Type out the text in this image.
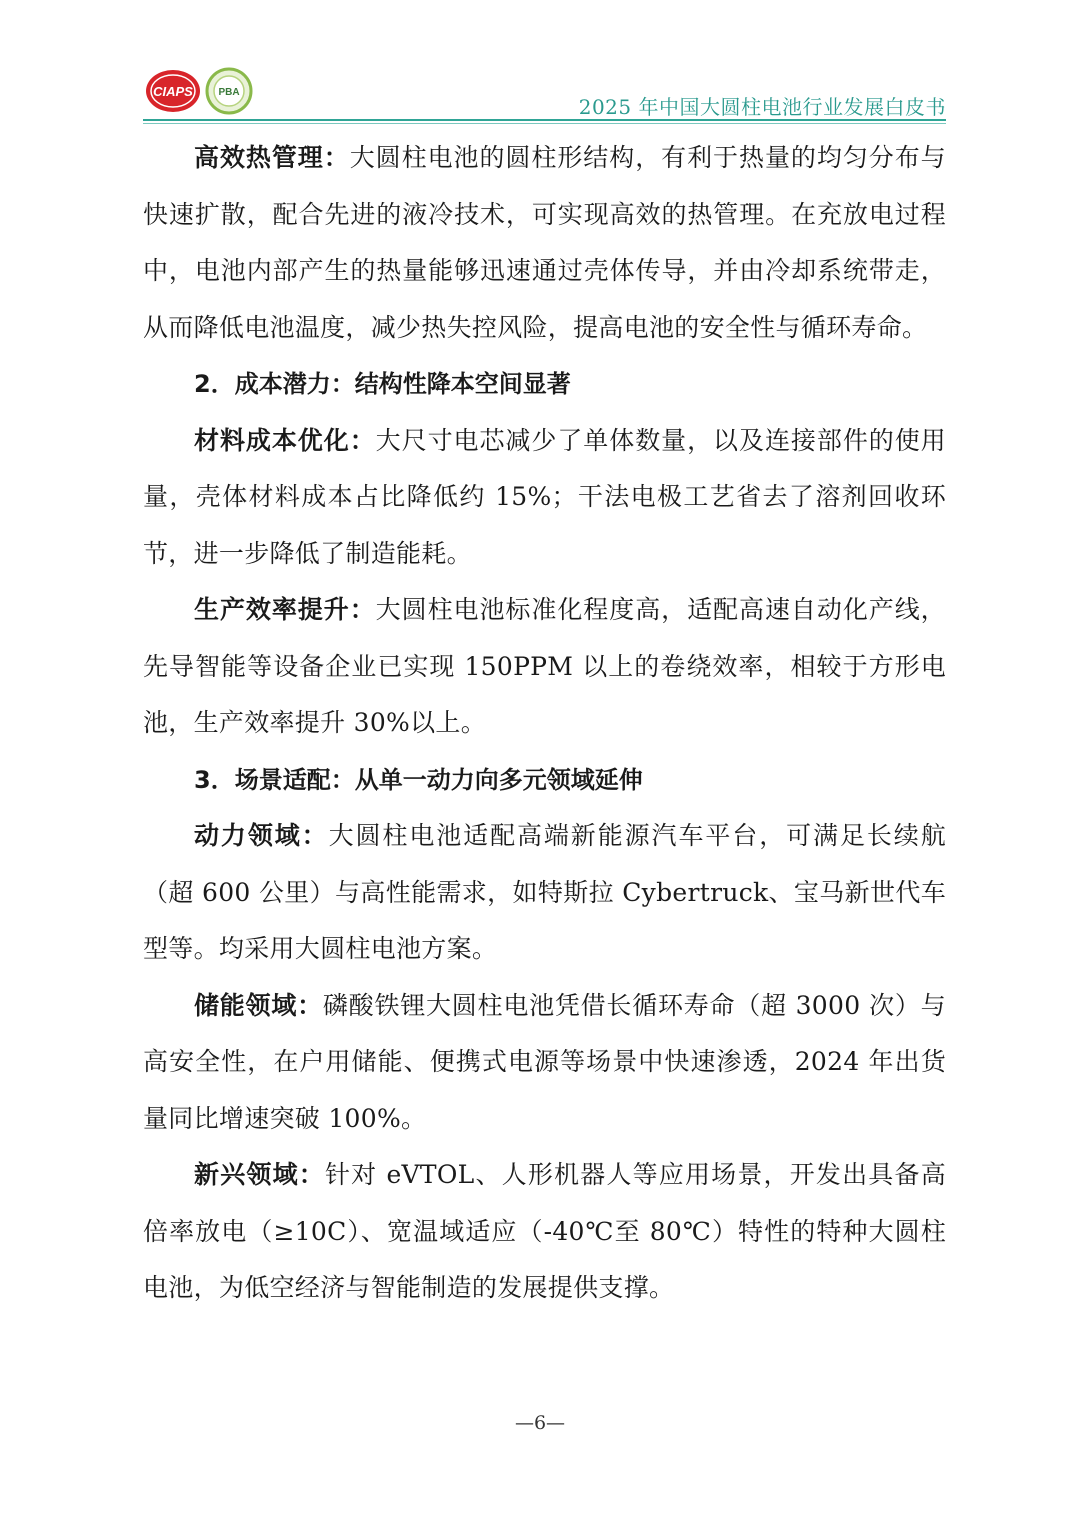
CIAPS	PBA
2025 年中国大圆柱电池行业发展白皮书

高效热管理：大圆柱电池的圆柱形结构，有利于热量的均匀分布与快速扩散，配合先进的液冷技术，可实现高效的热管理。在充放电过程中，电池内部产生的热量能够迅速通过壳体传导，并由冷却系统带走，从而降低电池温度，减少热失控风险，提高电池的安全性与循环寿命。

2．成本潜力：结构性降本空间显著

材料成本优化：大尺寸电芯减少了单体数量，以及连接部件的使用量，壳体材料成本占比降低约 15%；干法电极工艺省去了溶剂回收环节，进一步降低了制造能耗。

生产效率提升：大圆柱电池标准化程度高，适配高速自动化产线，先导智能等设备企业已实现 150PPM 以上的卷绕效率，相较于方形电池，生产效率提升 30%以上。

3．场景适配：从单一动力向多元领域延伸

动力领域：大圆柱电池适配高端新能源汽车平台，可满足长续航（超 600 公里）与高性能需求，如特斯拉 Cybertruck、宝马新世代车型等。均采用大圆柱电池方案。

储能领域：磷酸铁锂大圆柱电池凭借长循环寿命（超 3000 次）与高安全性，在户用储能、便携式电源等场景中快速渗透，2024 年出货量同比增速突破 100%。

新兴领域：针对 eVTOL、人形机器人等应用场景，开发出具备高倍率放电（≥10C）、宽温域适应（-40℃至 80℃）特性的特种大圆柱电池，为低空经济与智能制造的发展提供支撑。

—6—
